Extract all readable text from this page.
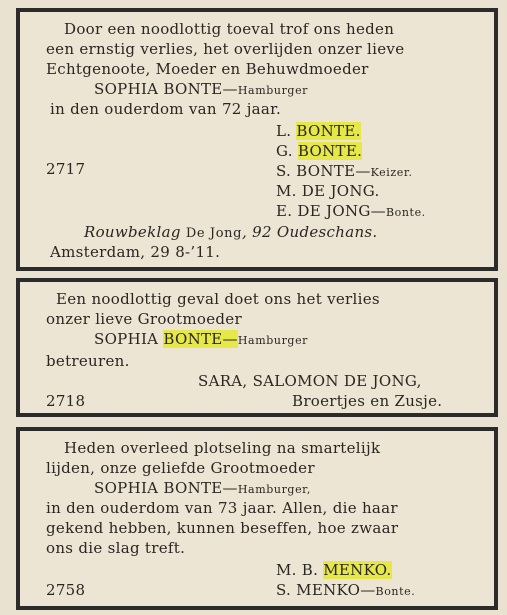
Door een noodlottig toeval trof ons heden
een ernstig verlies, het overlijden onzer lieve
Echtgenoote, Moeder en Behuwdmoeder
SOPHIA BONTE—Hamburger
in den ouderdom van 72 jaar.
L. BONTE.
G. BONTE.
2717	S. BONTE—Keizer.
M. DE JONG.
E. DE JONG—Bonte.
Rouwbeklag De Jong, 92 Oudeschans.
Amsterdam, 29 8-’11.
Een noodlottig geval doet ons het verlies
onzer lieve Grootmoeder
SOPHIA BONTE—Hamburger
betreuren.
SARA, SALOMON DE JONG,
2718	Broertjes en Zusje.
Heden overleed plotseling na smartelijk
lijden, onze geliefde Grootmoeder
SOPHIA BONTE—Hamburger,
in den ouderdom van 73 jaar. Allen, die haar
gekend hebben, kunnen beseffen, hoe zwaar
ons die slag treft.
M. B. MENKO.
2758	S. MENKO—Bonte.
